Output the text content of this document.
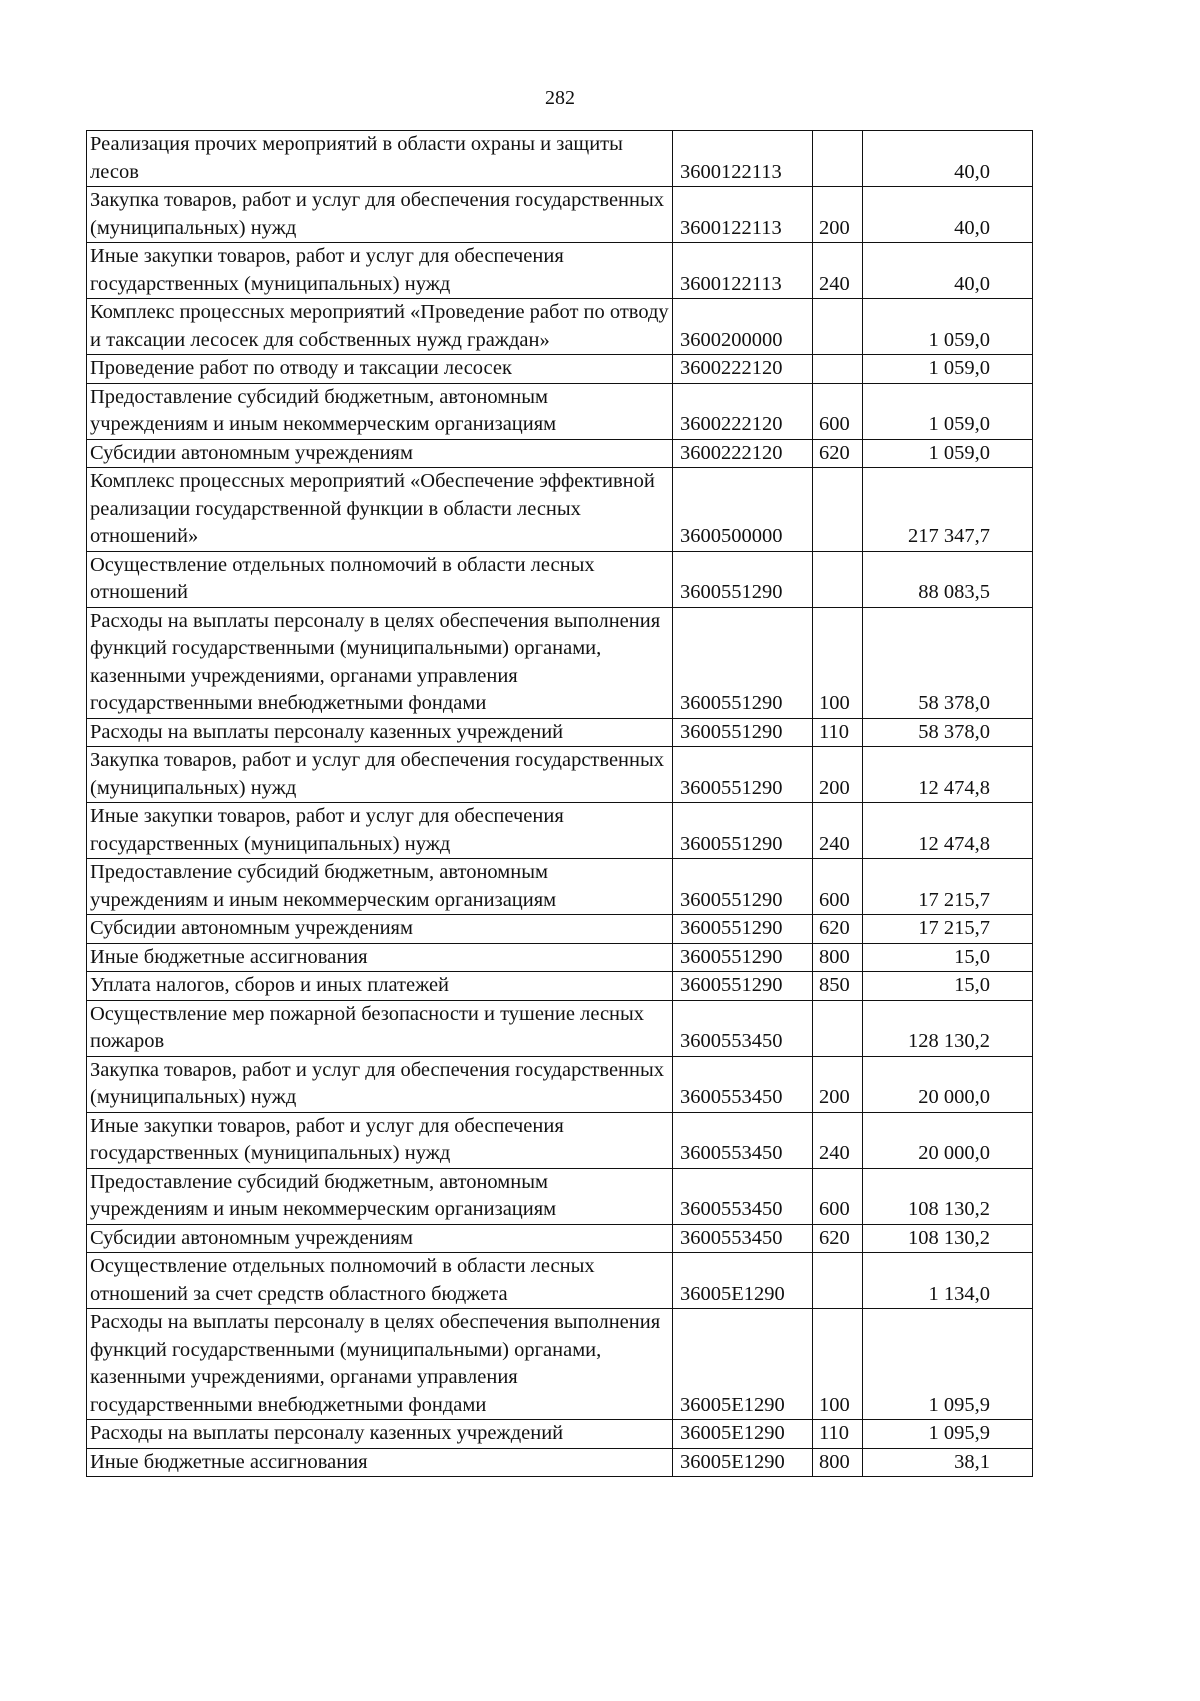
282
Реализация прочих мероприятий в области охраны и защиты лесов	3600122113		40,0
Закупка товаров, работ и услуг для обеспечения государственных (муниципальных) нужд	3600122113	200	40,0
Иные закупки товаров, работ и услуг для обеспечения государственных (муниципальных) нужд	3600122113	240	40,0
Комплекс процессных мероприятий «Проведение работ по отводу и таксации лесосек для собственных нужд граждан»	3600200000		1 059,0
Проведение работ по отводу и таксации лесосек	3600222120		1 059,0
Предоставление субсидий бюджетным, автономным учреждениям и иным некоммерческим организациям	3600222120	600	1 059,0
Субсидии автономным учреждениям	3600222120	620	1 059,0
Комплекс процессных мероприятий «Обеспечение эффективной реализации государственной функции в области лесных отношений»	3600500000		217 347,7
Осуществление отдельных полномочий в области лесных отношений	3600551290		88 083,5
Расходы на выплаты персоналу в целях обеспечения выполнения функций государственными (муниципальными) органами, казенными учреждениями, органами управления государственными внебюджетными фондами	3600551290	100	58 378,0
Расходы на выплаты персоналу казенных учреждений	3600551290	110	58 378,0
Закупка товаров, работ и услуг для обеспечения государственных (муниципальных) нужд	3600551290	200	12 474,8
Иные закупки товаров, работ и услуг для обеспечения государственных (муниципальных) нужд	3600551290	240	12 474,8
Предоставление субсидий бюджетным, автономным учреждениям и иным некоммерческим организациям	3600551290	600	17 215,7
Субсидии автономным учреждениям	3600551290	620	17 215,7
Иные бюджетные ассигнования	3600551290	800	15,0
Уплата налогов, сборов и иных платежей	3600551290	850	15,0
Осуществление мер пожарной безопасности и тушение лесных пожаров	3600553450		128 130,2
Закупка товаров, работ и услуг для обеспечения государственных (муниципальных) нужд	3600553450	200	20 000,0
Иные закупки товаров, работ и услуг для обеспечения государственных (муниципальных) нужд	3600553450	240	20 000,0
Предоставление субсидий бюджетным, автономным учреждениям и иным некоммерческим организациям	3600553450	600	108 130,2
Субсидии автономным учреждениям	3600553450	620	108 130,2
Осуществление отдельных полномочий в области лесных отношений за счет средств областного бюджета	36005E1290		1 134,0
Расходы на выплаты персоналу в целях обеспечения выполнения функций государственными (муниципальными) органами, казенными учреждениями, органами управления государственными внебюджетными фондами	36005E1290	100	1 095,9
Расходы на выплаты персоналу казенных учреждений	36005E1290	110	1 095,9
Иные бюджетные ассигнования	36005E1290	800	38,1
